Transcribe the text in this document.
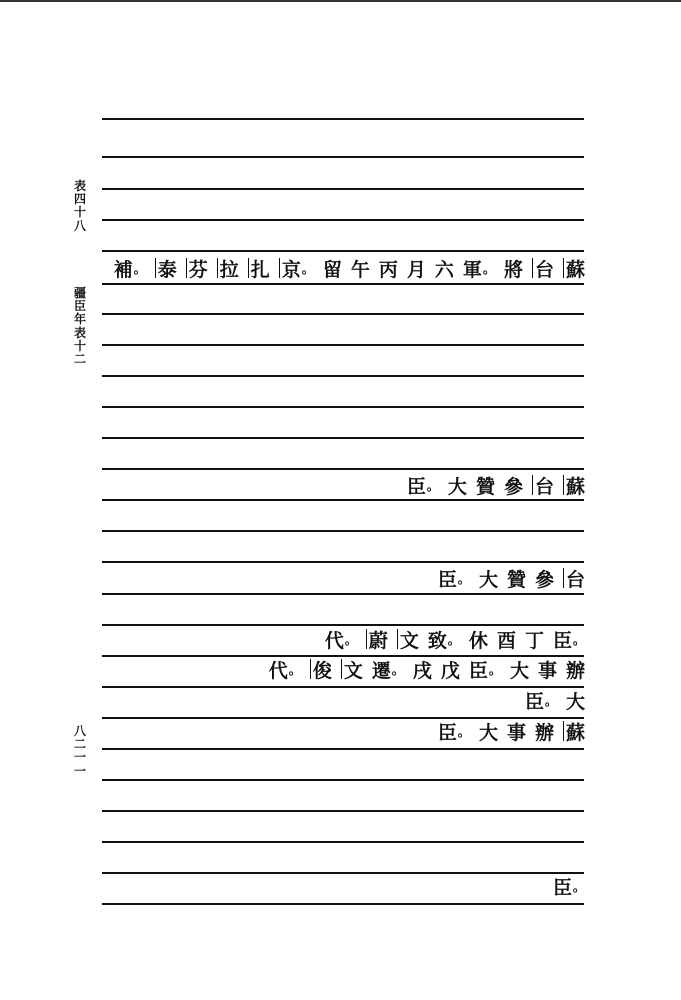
表
四
十
八
疆
臣
年
表
十
二
八
二
一
一
蘇
台
將
軍 。
六
月
丙
午
留
京 。
扎
拉
芬
泰
補 。
蘇
台
參
贊
大
臣 。
台
參
贊
大
臣 。
臣 。
丁
酉
休
致 。
文
蔚
代 。
辦
事
大
臣 。
戊
戌
遷 。
文
俊
代 。
大
臣 。
蘇
辦
事
大
臣 。
臣 。
